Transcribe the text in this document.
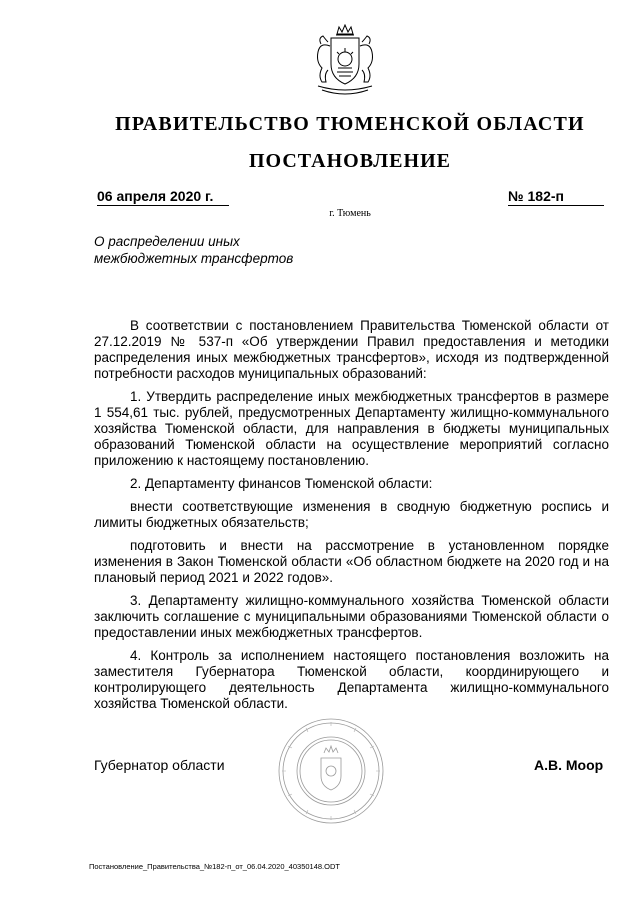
ПРАВИТЕЛЬСТВО ТЮМЕНСКОЙ ОБЛАСТИ
ПОСТАНОВЛЕНИЕ
06 апреля 2020 г.	№ 182-п
г. Тюмень
О распределении иных
межбюджетных трансфертов

В соответствии с постановлением Правительства Тюменской области от 27.12.2019 № 537-п «Об утверждении Правил предоставления и методики распределения иных межбюджетных трансфертов», исходя из подтвержденной потребности расходов муниципальных образований:

1. Утвердить распределение иных межбюджетных трансфертов в размере 1 554,61 тыс. рублей, предусмотренных Департаменту жилищно-коммунального хозяйства Тюменской области, для направления в бюджеты муниципальных образований Тюменской области на осуществление мероприятий согласно приложению к настоящему постановлению.

2. Департаменту финансов Тюменской области:

внести соответствующие изменения в сводную бюджетную роспись и лимиты бюджетных обязательств;

подготовить и внести на рассмотрение в установленном порядке изменения в Закон Тюменской области «Об областном бюджете на 2020 год и на плановый период 2021 и 2022 годов».

3. Департаменту жилищно-коммунального хозяйства Тюменской области заключить соглашение с муниципальными образованиями Тюменской области о предоставлении иных межбюджетных трансфертов.

4. Контроль за исполнением настоящего постановления возложить на заместителя Губернатора Тюменской области, координирующего и контролирующего деятельность Департамента жилищно-коммунального хозяйства Тюменской области.

Губернатор области	А.В. Моор
Постановление_Правительства_№182-п_от_06.04.2020_40350148.ODT
